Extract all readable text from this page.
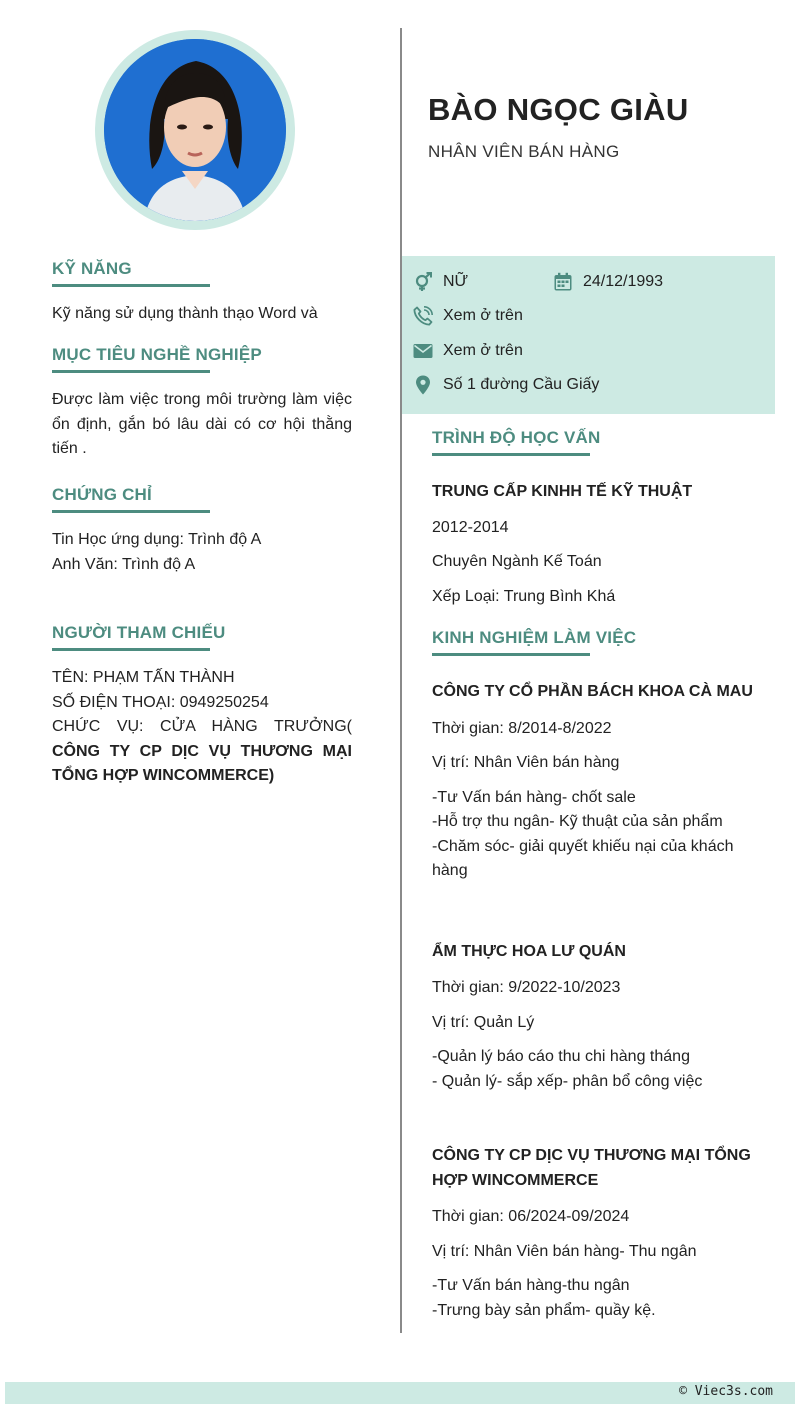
BÀO NGỌC GIÀU
NHÂN VIÊN BÁN HÀNG
NỮ	24/12/1993
Xem ở trên
Xem ở trên
Số 1 đường Cầu Giấy
KỸ NĂNG

Kỹ năng sử dụng thành thạo Word và

MỤC TIÊU NGHỀ NGHIỆP

Được làm việc trong môi trường làm việc ổn định, gắn bó lâu dài có cơ hội thằng tiến .

CHỨNG CHỈ

Tin Học ứng dụng: Trình độ A

Anh Văn: Trình độ A

NGƯỜI THAM CHIẾU

TÊN: PHẠM TẤN THÀNH

SỐ ĐIỆN THOẠI: 0949250254

CHỨC VỤ: CỬA HÀNG TRƯỞNG( CÔNG TY CP DỊC VỤ THƯƠNG MẠI TỔNG HỢP WINCOMMERCE)

TRÌNH ĐỘ HỌC VẤN

TRUNG CẤP KINHH TẾ KỸ THUẬT

2012-2014

Chuyên Ngành Kế Toán

Xếp Loại: Trung Bình Khá

KINH NGHIỆM LÀM VIỆC

CÔNG TY CỔ PHẦN BÁCH KHOA CÀ MAU

Thời gian: 8/2014-8/2022

Vị trí: Nhân Viên bán hàng

-Tư Vấn bán hàng- chốt sale

-Hỗ trợ thu ngân- Kỹ thuật của sản phẩm

-Chăm sóc- giải quyết khiếu nại của khách hàng

ẨM THỰC HOA LƯ QUÁN

Thời gian: 9/2022-10/2023

Vị trí: Quản Lý

-Quản lý báo cáo thu chi hàng tháng

- Quản lý- sắp xếp- phân bổ công việc

CÔNG TY CP DỊC VỤ THƯƠNG MẠI TỔNG HỢP WINCOMMERCE

Thời gian: 06/2024-09/2024

Vị trí: Nhân Viên bán hàng- Thu ngân

-Tư Vấn bán hàng-thu ngân

-Trưng bày sản phẩm- quầy kệ.

© Viec3s.com
